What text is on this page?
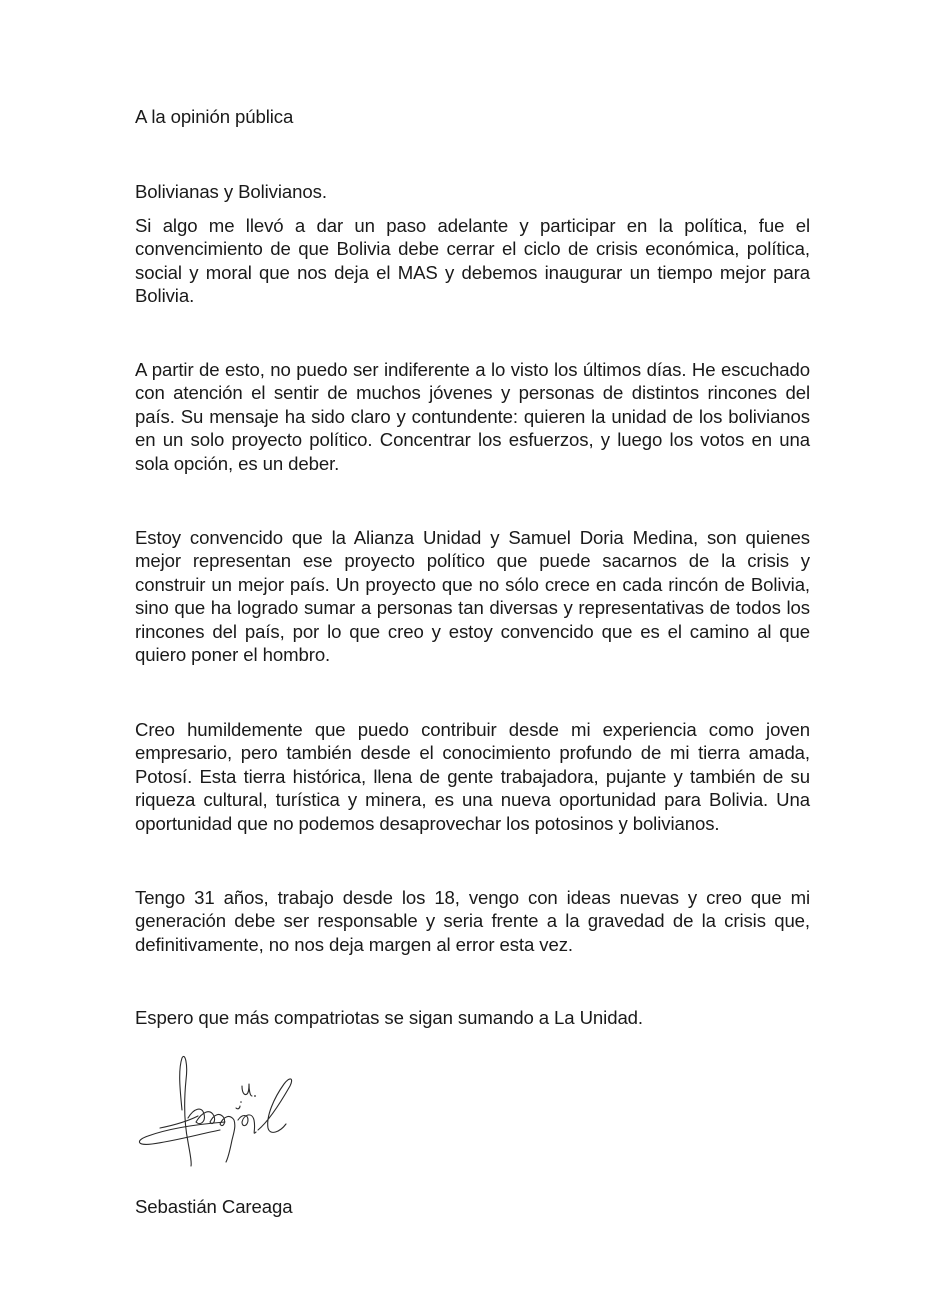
A la opinión pública

Bolivianas y Bolivianos.

Si algo me llevó a dar un paso adelante y participar en la política, fue el convencimiento de que Bolivia debe cerrar el ciclo de crisis económica, política, social y moral que nos deja el MAS y debemos inaugurar un tiempo mejor para Bolivia.

A partir de esto, no puedo ser indiferente a lo visto los últimos días. He escuchado con atención el sentir de muchos jóvenes y personas de distintos rincones del país. Su mensaje ha sido claro y contundente: quieren la unidad de los bolivianos en un solo proyecto político. Concentrar los esfuerzos, y luego los votos en una sola opción, es un deber.

Estoy convencido que la Alianza Unidad y Samuel Doria Medina, son quienes mejor representan ese proyecto político que puede sacarnos de la crisis y construir un mejor país. Un proyecto que no sólo crece en cada rincón de Bolivia, sino que ha logrado sumar a personas tan diversas y representativas de todos los rincones del país, por lo que creo y estoy convencido que es el camino al que quiero poner el hombro.

Creo humildemente que puedo contribuir desde mi experiencia como joven empresario, pero también desde el conocimiento profundo de mi tierra amada, Potosí. Esta tierra histórica, llena de gente trabajadora, pujante y también de su riqueza cultural, turística y minera, es una nueva oportunidad para Bolivia. Una oportunidad que no podemos desaprovechar los potosinos y bolivianos.

Tengo 31 años, trabajo desde los 18, vengo con ideas nuevas y creo que mi generación debe ser responsable y seria frente a la gravedad de la crisis que, definitivamente, no nos deja margen al error esta vez.

Espero que más compatriotas se sigan sumando a La Unidad.

Sebastián Careaga
